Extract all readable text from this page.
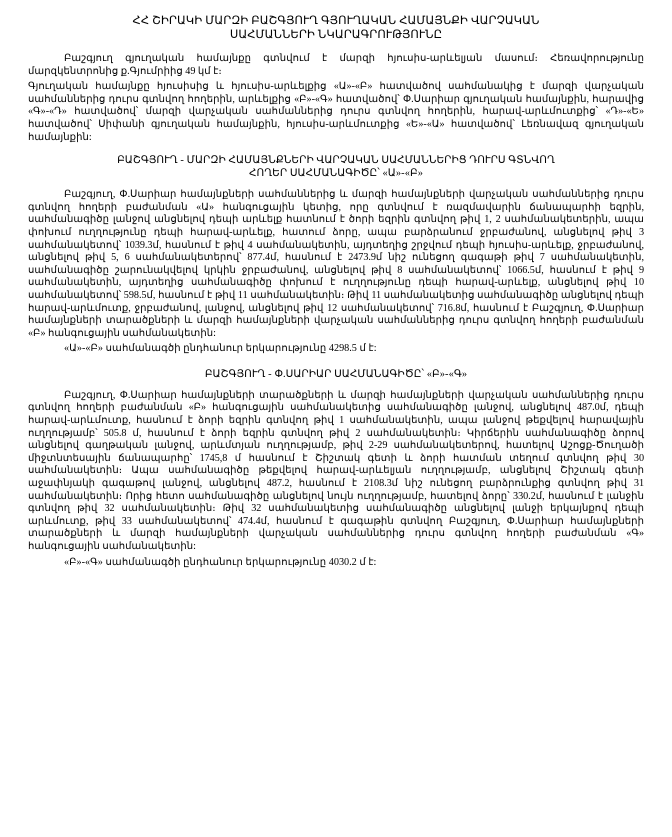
ՀՀ ՇԻՐԱԿԻ ՄԱՐԶԻ ԲԱՇԳՅՈՒՂ ԳՅՈՒՂԱԿԱՆ ՀԱՄԱՅՆՔԻ ՎԱՐՉԱԿԱՆ
ՍԱՀՄԱՆՆԵՐԻ ՆԿԱՐԱԳՐՈՒԹՅՈՒՆԸ

Բաշգյուղ գյուղական համայնքը գտնվում է մարզի հյուսիս-արևելյան մասում։ Հեռավորությունը մարզկենտրոնից ք.Գյումրիից 49 կմ է։

Գյուղական համայնքը հյուսիսից և հյուսիս-արևելքից «Ա»-«Բ» հատվածով սահմանակից է մարզի վարչական սահմաններից դուրս գտնվող հողերին, արևելքից «Բ»-«Գ» հատվածով՝ Փ.Սարիար գյուղական համայնքին, հարավից «Գ»-«Դ» հատվածով՝ մարզի վարչական սահմաններից դուրս գտնվող հողերին, հարավ-արևմուտքից՝ «Դ»-«Ե» հատվածով՝ Սիփանի գյուղական համայնքին, հյուսիս-արևմուտքից «Ե»-«Ա» հատվածով՝ Լեռնավազ գյուղական համայնքին:

ԲԱՇԳՅՈՒՂ - ՄԱՐԶԻ ՀԱՄԱՅՆՔՆԵՐԻ ՎԱՐՉԱԿԱՆ ՍԱՀՄԱՆՆԵՐԻՑ ԴՈՒՐՍ ԳՏՆՎՈՂ
ՀՈՂԵՐ ՍԱՀՄԱՆԱԳԻԾԸ՝ «Ա»-«Բ»

Բաշգյուղ, Փ.Սարիար համայնքների սահմաններից և մարզի համայնքների վարչական սահմաններից դուրս գտնվող հողերի բաժանման «Ա» հանգուցային կետից, որը գտնվում է ռազմավարին ճանապարհի եզրին, սահմանագիծը լանջով անցնելով դեպի արևելք հատնում է ծորի եզրին գտնվող թիվ 1, 2 սահմանակետերին, ապա փոխում ուղղությունը դեպի հարավ-արևելք, հատում ձորը, ապա բարձրանում ջրբաժանով, անցնելով թիվ 3 սահմանակետով՝ 1039.3մ, հասնում է թիվ 4 սահմանակետին, այդտեղից շրջվում դեպի հյուսիս-արևելք, ջրբաժանով, անցնելով թիվ 5, 6 սահմանակետերով՝ 877.4մ, հասնում է 2473.9մ նիշ ունեցող գագաթի թիվ 7 սահմանակետին, սահմանագիծը շարունակվելով կրկին ջրբաժանով, անցնելով թիվ 8 սահմանակետով՝ 1066.5մ, հասնում է թիվ 9 սահմանակետին, այդտեղից սահմանագիծը փոխում է ուղղությունը դեպի հարավ-արևելք, անցնելով թիվ 10 սահմանակետով՝ 598.5մ, հասնում է թիվ 11 սահմանակետին։ Թիվ 11 սահմանակետից սահմանագիծը անցնելով դեպի հարավ-արևմուտք, ջրբաժանով, լանջով, անցնելով թիվ 12 սահմանակետով՝ 716.8մ, հասնում է Բաշգյուղ, Փ.Սարիար համայնքների տարածքների և մարզի համայնքների վարչական սահմաններից դուրս գտնվող հողերի բաժանման «Բ» հանգուցային սահմանակետին:

«Ա»-«Բ» սահմանագծի ընդհանուր երկարությունը 4298.5 մ է:

ԲԱՇԳՅՈՒՂ - Փ.ՍԱՐԻԱՐ ՍԱՀՄԱՆԱԳԻԾԸ՝ «Բ»-«Գ»

Բաշգյուղ, Փ.Սարիար համայնքների տարածքների և մարզի համայնքների վարչական սահմաններից դուրս գտնվող հողերի բաժանման «Բ» հանգուցային սահմանակետից սահմանագիծը լանջով, անցնելով 487.0մ, դեպի հարավ-արևմուտք, հասնում է ձորի եզրին գտնվող թիվ 1 սահմանակետին, ապա լանջով թեքվելով հարավային ուղղությամբ՝ 505.8 մ, հասնում է ձորի եզրին գտնվող թիվ 2 սահմանակետին։ Կիրճերին սահմանագիծը ձորով անցնելով գաղթական լանջով, արևմտյան ուղղությամբ, թիվ 2-29 սահմանակետերով, հատելով Աշոցք-Ծուղածի միջտնտեսային ճանապարհը՝ 1745,8 մ հասնում է Շիշտակ գետի և ձորի հատման տեղում գտնվող թիվ 30 սահմանակետին։ Ապա սահմանագիծը թեքվելով հարավ-արևելյան ուղղությամբ, անցնելով Շիշտակ գետի աջափնյակի գագաթով լանջով, անցնելով 487.2, հասնում է 2108.3մ նիշ ունեցող բարձրունքից գտնվող թիվ 31 սահմանակետին։ Որից հետո սահմանագիծը անցնելով նույն ուղղությամբ, հատելով ձորը՝ 330.2մ, հասնում է լանջին գտնվող թիվ 32 սահմանակետին։ Թիվ 32 սահմանակետից սահմանագիծը անցնելով լանջի երկայնքով դեպի արևմուտք, թիվ 33 սահմանակետով՝ 474.4մ, հասնում է գագաթին գտնվող Բաշգյուղ, Փ.Սարիար համայնքների տարածքների և մարզի համայնքների վարչական սահմաններից դուրս գտնվող հողերի բաժանման «Գ» հանգուցային սահմանակետին:

«Բ»-«Գ» սահմանագծի ընդհանուր երկարությունը 4030.2 մ է:
